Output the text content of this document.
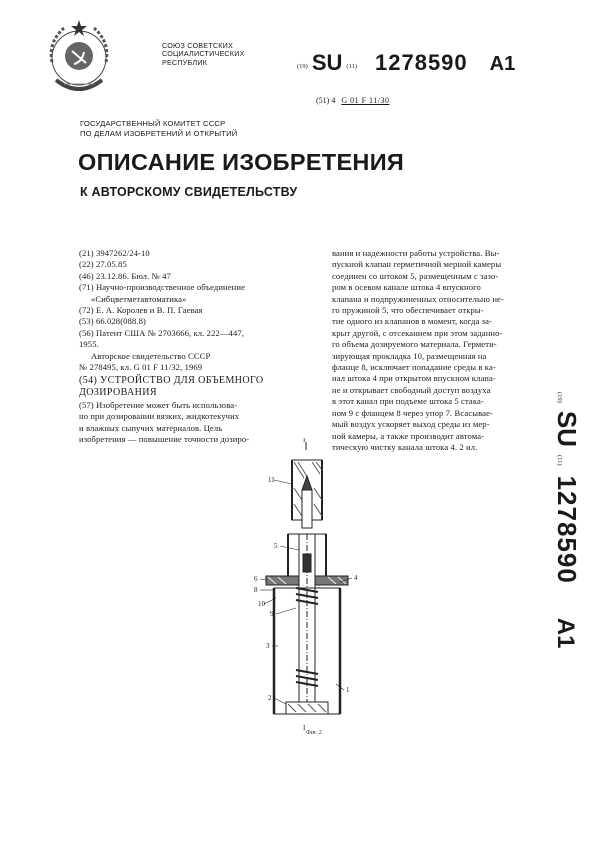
СОЮЗ СОВЕТСКИХ
СОЦИАЛИСТИЧЕСКИХ
РЕСПУБЛИК	(19) SU (11) 1278590 A1
(51) 4 G 01 F 11/30
ГОСУДАРСТВЕННЫЙ КОМИТЕТ СССР
ПО ДЕЛАМ ИЗОБРЕТЕНИЙ И ОТКРЫТИЙ
ОПИСАНИЕ ИЗОБРЕТЕНИЯ
К АВТОРСКОМУ СВИДЕТЕЛЬСТВУ
(21) 3947262/24-10
(22) 27.05.85
(46) 23.12.86. Бюл. № 47
(71) Научно-производственное объединение
«Сибцветметавтоматика»
(72) Е. А. Королев и В. П. Гаевая
(53) 66.028(088.8)
(56) Патент США № 2703666, кл. 222—447,
1955.
Авторское свидетельство СССР
№ 278495, кл. G 01 F 11/32, 1969
(54) УСТРОЙСТВО ДЛЯ ОБЪЕМНОГО
ДОЗИРОВАНИЯ
(57) Изобретение может быть использова-
но при дозировании вязких, жидкотекучих
и влажных сыпучих материалов. Цель
изобретения — повышение точности дозиро-
вания и надежности работы устройства. Вы-
пускной клапан герметичной мерной камеры
соединен со штоком 5, размещенным с зазо-
ром в осевом канале штока 4 впускного
клапана и подпружиненных относительно не-
го пружиной 5, что обеспечивает откры-
тие одного из клапанов в момент, когда за-
крыт другой, с отсеканием при этом заданно-
го объема дозируемого материала. Гермети-
зирующая прокладка 10, размещенная на
фланце 8, исключает попадание среды в ка-
нал штока 4 при открытом впускном клапа-
не и открывает свободный доступ воздуха
в этот канал при подъеме штока 5 стака-
ном 9 с фланцем 8 через упор 7. Всасывае-
мый воздух ускоряет выход среды из мер-
ной камеры, а также производит автома-
тическую чистку канала штока 4. 2 ил.
(19) SU (11) 1278590 A1
I
I
11
5
6
8
10
4
9
3
2
1
Фиг. 2
